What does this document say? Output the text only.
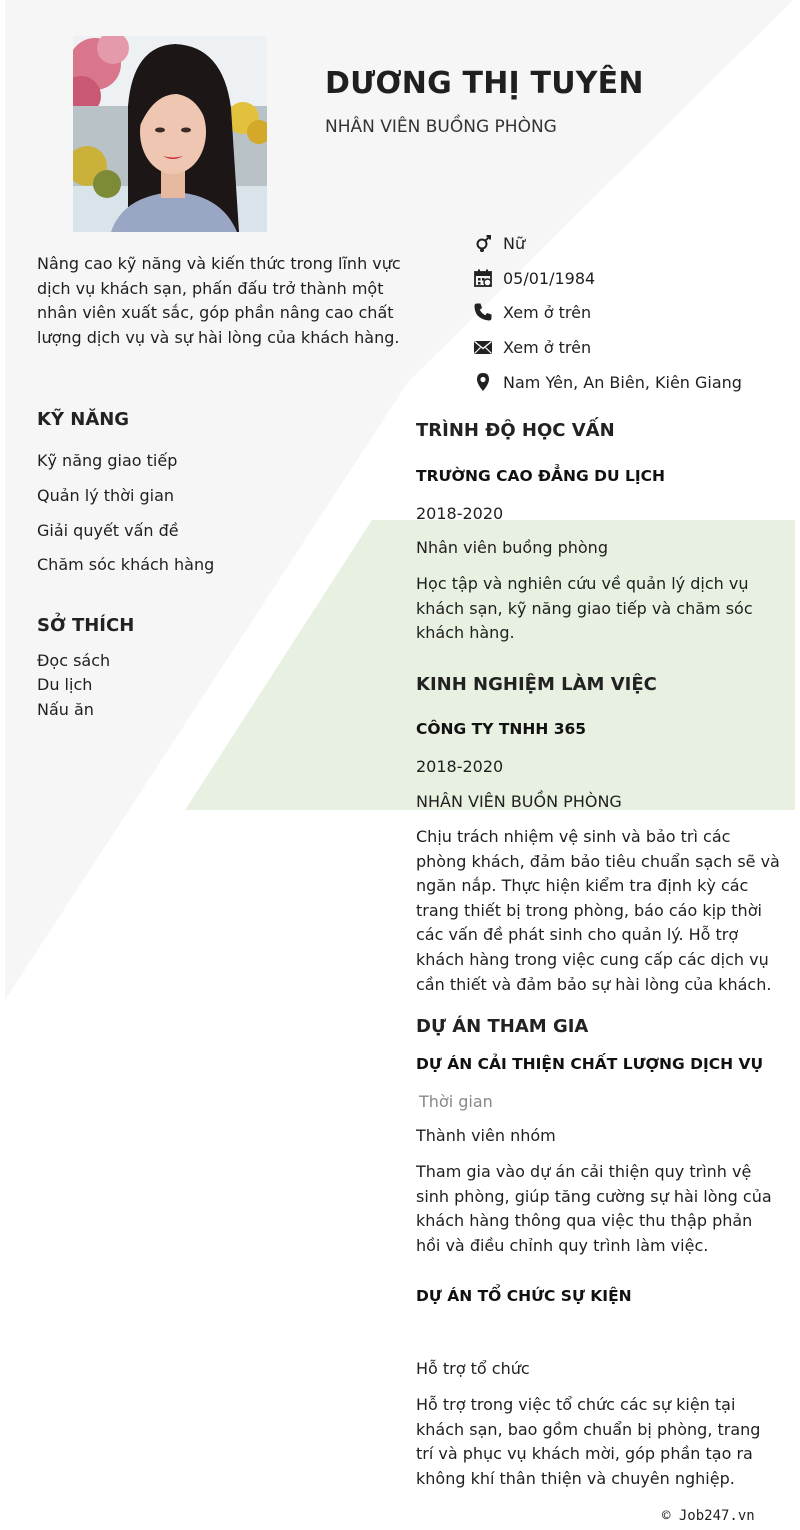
DƯƠNG THỊ TUYÊN
NHÂN VIÊN BUỒNG PHÒNG
Nâng cao kỹ năng và kiến thức trong lĩnh vực dịch vụ khách sạn, phấn đấu trở thành một nhân viên xuất sắc, góp phần nâng cao chất lượng dịch vụ và sự hài lòng của khách hàng.
Nữ
05/01/1984
Xem ở trên
Xem ở trên
Nam Yên, An Biên, Kiên Giang
KỸ NĂNG
Kỹ năng giao tiếp
Quản lý thời gian
Giải quyết vấn đề
Chăm sóc khách hàng
SỞ THÍCH
Đọc sách
Du lịch
Nấu ăn
TRÌNH ĐỘ HỌC VẤN
TRƯỜNG CAO ĐẲNG DU LỊCH
2018-2020
Nhân viên buồng phòng
Học tập và nghiên cứu về quản lý dịch vụ khách sạn, kỹ năng giao tiếp và chăm sóc khách hàng.
KINH NGHIỆM LÀM VIỆC
CÔNG TY TNHH 365
2018-2020
NHÂN VIÊN BUỒN PHÒNG
Chịu trách nhiệm vệ sinh và bảo trì các phòng khách, đảm bảo tiêu chuẩn sạch sẽ và ngăn nắp. Thực hiện kiểm tra định kỳ các trang thiết bị trong phòng, báo cáo kịp thời các vấn đề phát sinh cho quản lý. Hỗ trợ khách hàng trong việc cung cấp các dịch vụ cần thiết và đảm bảo sự hài lòng của khách.
DỰ ÁN THAM GIA
DỰ ÁN CẢI THIỆN CHẤT LƯỢNG DỊCH VỤ
Thời gian
Thành viên nhóm
Tham gia vào dự án cải thiện quy trình vệ sinh phòng, giúp tăng cường sự hài lòng của khách hàng thông qua việc thu thập phản hồi và điều chỉnh quy trình làm việc.
DỰ ÁN TỔ CHỨC SỰ KIỆN
Hỗ trợ tổ chức
Hỗ trợ trong việc tổ chức các sự kiện tại khách sạn, bao gồm chuẩn bị phòng, trang trí và phục vụ khách mời, góp phần tạo ra không khí thân thiện và chuyên nghiệp.
© Job247.vn
